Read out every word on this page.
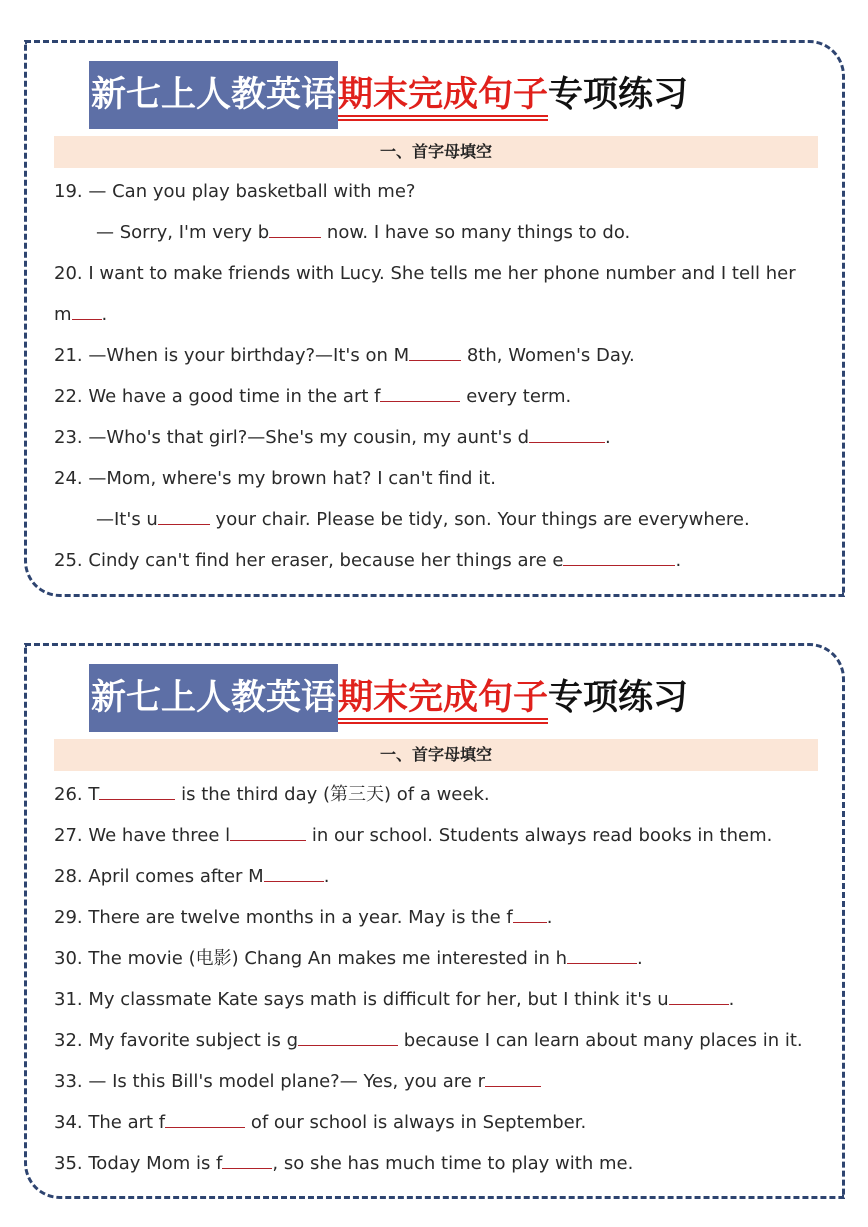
新七上人教英语 期末完成句子 专项练习
一、首字母填空
19. — Can you play basketball with me?
— Sorry, I'm very b	now. I have so many things to do.
20. I want to make friends with Lucy. She tells me her phone number and I tell her
m .
21. —When is your birthday?—It's on M	8th, Women's Day.
22. We have a good time in the art f	every term.
23. —Who's that girl?—She's my cousin, my aunt's d	.
24. —Mom, where's my brown hat? I can't find it.
—It's u	your chair. Please be tidy, son. Your things are everywhere.
25. Cindy can't find her eraser, because her things are e	.
新七上人教英语 期末完成句子 专项练习
一、首字母填空
26. T	is the third day (第三天) of a week.
27. We have three l	in our school. Students always read books in them.
28. April comes after M	.
29. There are twelve months in a year. May is the f .
30. The movie (电影) Chang An makes me interested in h	.
31. My classmate Kate says math is difficult for her, but I think it's u	.
32. My favorite subject is g	because I can learn about many places in it.
33. — Is this Bill's model plane?— Yes, you are r
34. The art f	of our school is always in September.
35. Today Mom is f	, so she has much time to play with me.
